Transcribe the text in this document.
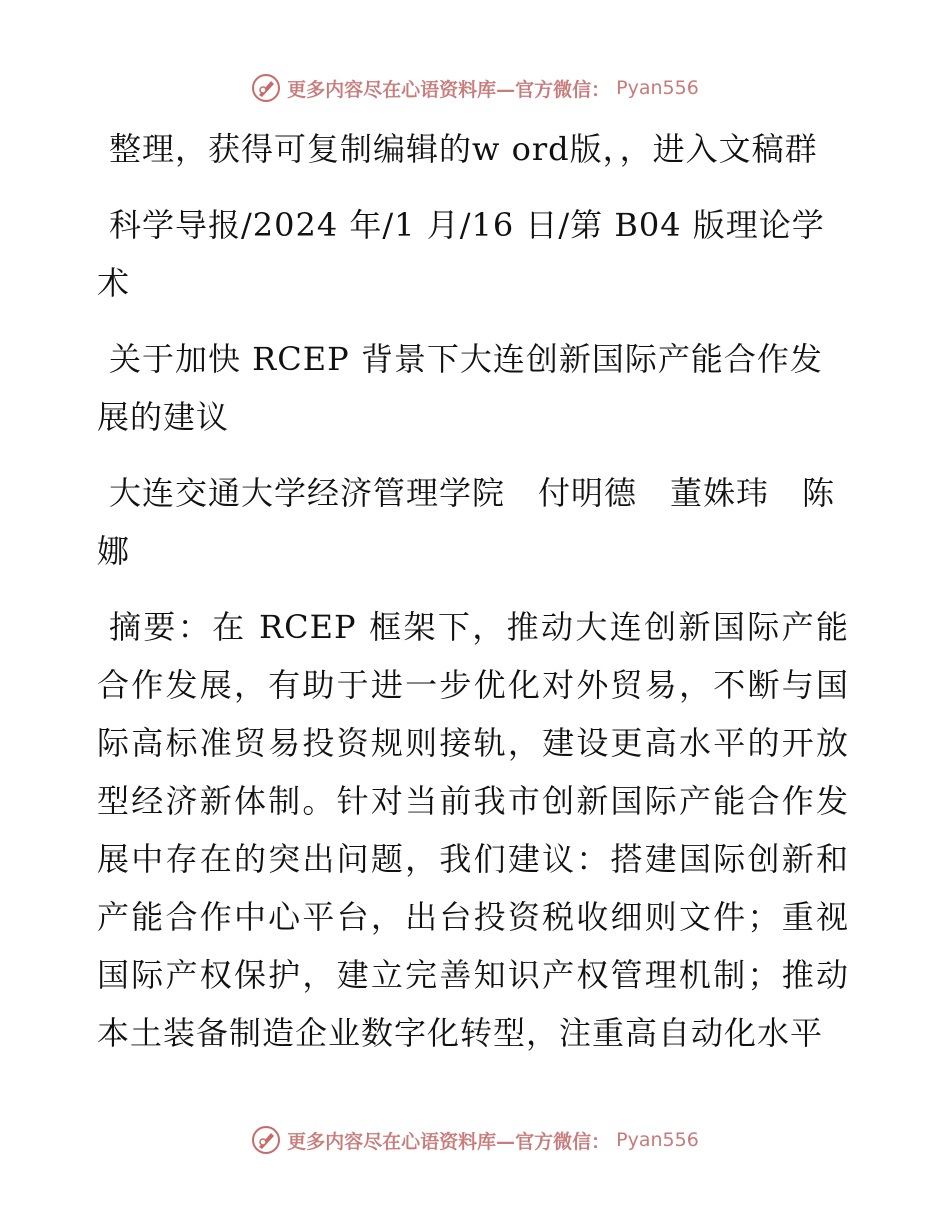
更多内容尽在心语资料库—官方微信： Pyan556

整理，获得可复制编辑的w ord版，，进入文稿群

科学导报/2024 年/1 月/16 日/第 B04 版理论学术

关于加快 RCEP 背景下大连创新国际产能合作发展的建议

大连交通大学经济管理学院　付明德　董姝玮　陈娜

摘要：在 RCEP 框架下，推动大连创新国际产能合作发展，有助于进一步优化对外贸易，不断与国际高标准贸易投资规则接轨，建设更高水平的开放型经济新体制。针对当前我市创新国际产能合作发展中存在的突出问题，我们建议：搭建国际创新和产能合作中心平台，出台投资税收细则文件；重视国际产权保护，建立完善知识产权管理机制；推动本土装备制造企业数字化转型，注重高自动化水平

更多内容尽在心语资料库—官方微信： Pyan556
